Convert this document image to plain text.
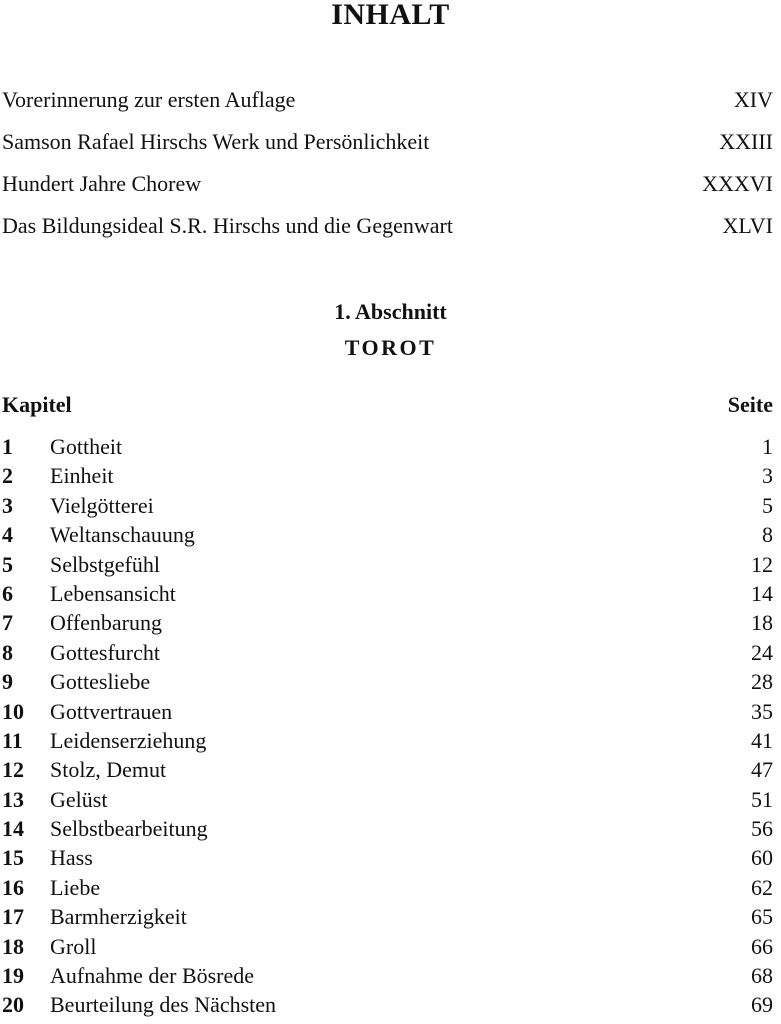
INHALT
Vorerinnerung zur ersten Auflage	XIV
Samson Rafael Hirschs Werk und Persönlichkeit	XXIII
Hundert Jahre Chorew	XXXVI
Das Bildungsideal S.R. Hirschs und die Gegenwart	XLVI
1. Abschnitt
TOROT
Kapitel	Seite
1	Gottheit	1
2	Einheit	3
3	Vielgötterei	5
4	Weltanschauung	8
5	Selbstgefühl	12
6	Lebensansicht	14
7	Offenbarung	18
8	Gottesfurcht	24
9	Gottesliebe	28
10	Gottvertrauen	35
11	Leidenserziehung	41
12	Stolz, Demut	47
13	Gelüst	51
14	Selbstbearbeitung	56
15	Hass	60
16	Liebe	62
17	Barmherzigkeit	65
18	Groll	66
19	Aufnahme der Bösrede	68
20	Beurteilung des Nächsten	69
